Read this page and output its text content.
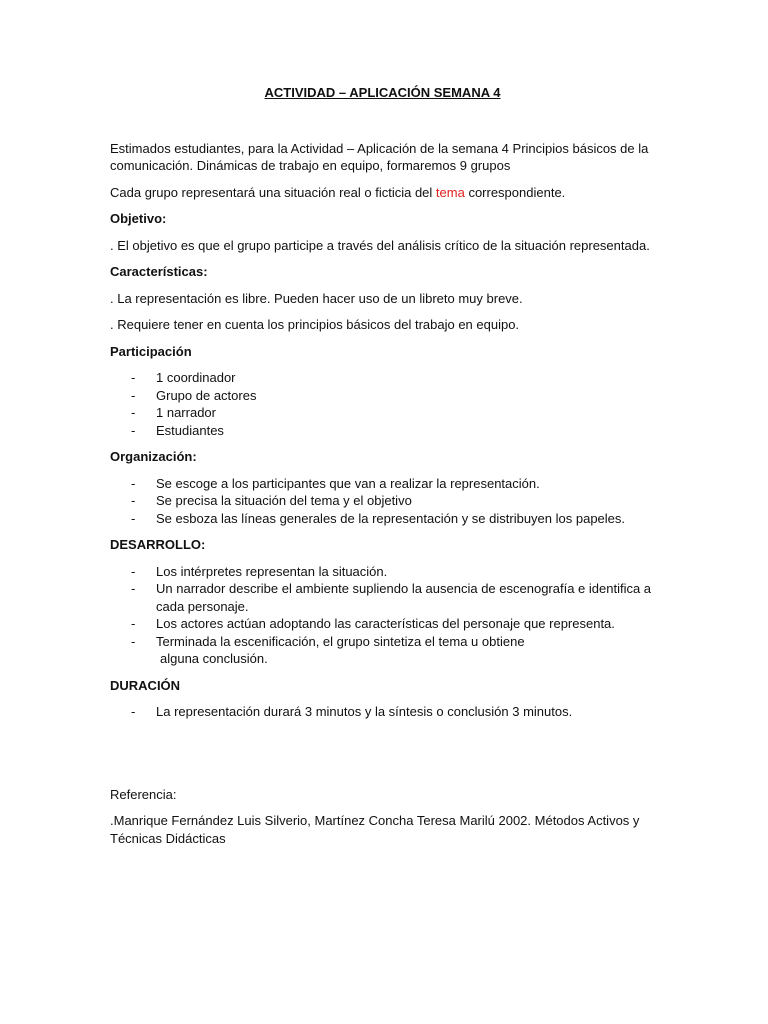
ACTIVIDAD – APLICACIÓN SEMANA 4

Estimados estudiantes, para la Actividad – Aplicación de la semana 4 Principios básicos de la comunicación. Dinámicas de trabajo en equipo, formaremos 9 grupos

Cada grupo representará una situación real o ficticia del tema correspondiente.

Objetivo:

. El objetivo es que el grupo participe a través del análisis crítico de la situación representada.

Características:

. La representación es libre. Pueden hacer uso de un libreto muy breve.

. Requiere tener en cuenta los principios básicos del trabajo en equipo.

Participación
- 1 coordinador
- Grupo de actores
- 1 narrador
- Estudiantes
Organización:
- Se escoge a los participantes que van a realizar la representación.
- Se precisa la situación del tema y el objetivo
- Se esboza las líneas generales de la representación y se distribuyen los papeles.
DESARROLLO:
- Los intérpretes representan la situación.
- Un narrador describe el ambiente supliendo la ausencia de escenografía e identifica a cada personaje.
- Los actores actúan adoptando las características del personaje que representa.
- Terminada la escenificación, el grupo sintetiza el tema u obtiene
alguna conclusión.
DURACIÓN
- La representación durará 3 minutos y la síntesis o conclusión 3 minutos.

Referencia:

.Manrique Fernández Luis Silverio, Martínez Concha Teresa Marilú 2002. Métodos Activos y Técnicas Didácticas
